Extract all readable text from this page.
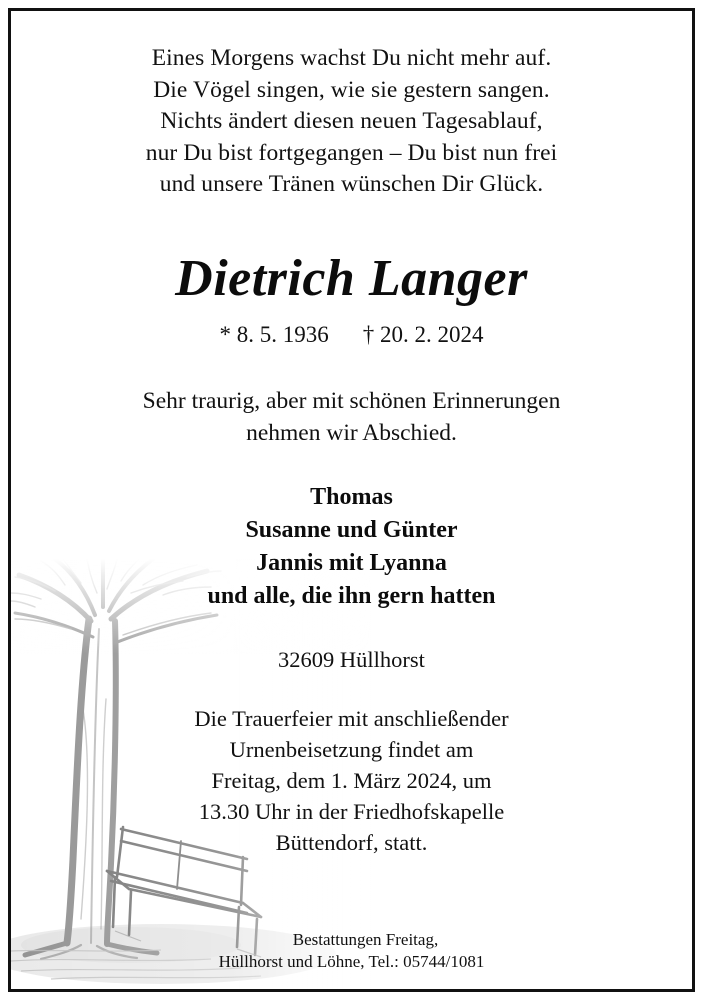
Eines Morgens wachst Du nicht mehr auf.
Die Vögel singen, wie sie gestern sangen.
Nichts ändert diesen neuen Tagesablauf,
nur Du bist fortgegangen – Du bist nun frei
und unsere Tränen wünschen Dir Glück.
Dietrich Langer
* 8. 5. 1936 † 20. 2. 2024
Sehr traurig, aber mit schönen Erinnerungen
nehmen wir Abschied.
Thomas
Susanne und Günter
Jannis mit Lyanna
und alle, die ihn gern hatten
32609 Hüllhorst
Die Trauerfeier mit anschließender
Urnenbeisetzung findet am
Freitag, dem 1. März 2024, um
13.30 Uhr in der Friedhofskapelle
Büttendorf, statt.
Bestattungen Freitag,
Hüllhorst und Löhne, Tel.: 05744/1081
